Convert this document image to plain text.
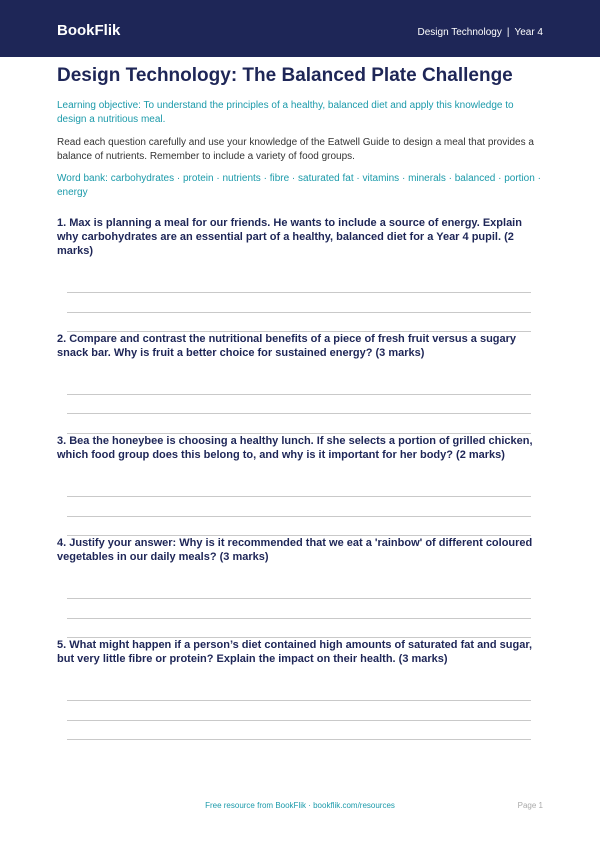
BookFlik	Design Technology | Year 4
Design Technology: The Balanced Plate Challenge
Learning objective: To understand the principles of a healthy, balanced diet and apply this knowledge to design a nutritious meal.
Read each question carefully and use your knowledge of the Eatwell Guide to design a meal that provides a balance of nutrients. Remember to include a variety of food groups.
Word bank: carbohydrates · protein · nutrients · fibre · saturated fat · vitamins · minerals · balanced · portion · energy
1. Max is planning a meal for our friends. He wants to include a source of energy. Explain why carbohydrates are an essential part of a healthy, balanced diet for a Year 4 pupil. (2 marks)
2. Compare and contrast the nutritional benefits of a piece of fresh fruit versus a sugary snack bar. Why is fruit a better choice for sustained energy? (3 marks)
3. Bea the honeybee is choosing a healthy lunch. If she selects a portion of grilled chicken, which food group does this belong to, and why is it important for her body? (2 marks)
4. Justify your answer: Why is it recommended that we eat a 'rainbow' of different coloured vegetables in our daily meals? (3 marks)
5. What might happen if a person’s diet contained high amounts of saturated fat and sugar, but very little fibre or protein? Explain the impact on their health. (3 marks)
Free resource from BookFlik · bookflik.com/resources	Page 1
